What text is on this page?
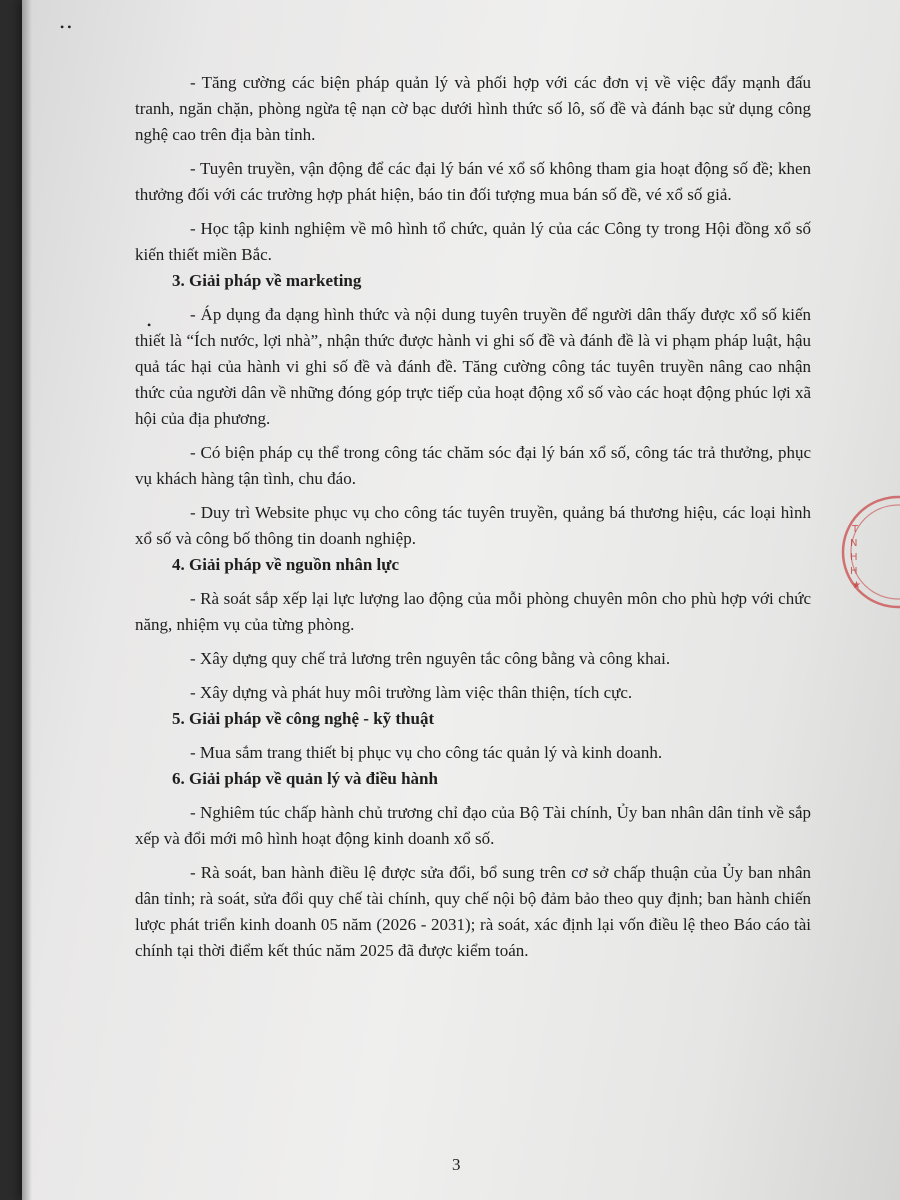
• •

- Tăng cường các biện pháp quản lý và phối hợp với các đơn vị về việc đẩy mạnh đấu tranh, ngăn chặn, phòng ngừa tệ nạn cờ bạc dưới hình thức số lô, số đề và đánh bạc sử dụng công nghệ cao trên địa bàn tỉnh.

- Tuyên truyền, vận động để các đại lý bán vé xổ số không tham gia hoạt động số đề; khen thưởng đối với các trường hợp phát hiện, báo tin đối tượng mua bán số đề, vé xổ số giả.

- Học tập kinh nghiệm về mô hình tổ chức, quản lý của các Công ty trong Hội đồng xổ số kiến thiết miền Bắc.

3. Giải pháp về marketing

- Áp dụng đa dạng hình thức và nội dung tuyên truyền để người dân thấy được xổ số kiến thiết là “Ích nước, lợi nhà”, nhận thức được hành vi ghi số đề và đánh đề là vi phạm pháp luật, hậu quả tác hại của hành vi ghi số đề và đánh đề. Tăng cường công tác tuyên truyền nâng cao nhận thức của người dân về những đóng góp trực tiếp của hoạt động xổ số vào các hoạt động phúc lợi xã hội của địa phương.

- Có biện pháp cụ thể trong công tác chăm sóc đại lý bán xổ số, công tác trả thưởng, phục vụ khách hàng tận tình, chu đáo.

- Duy trì Website phục vụ cho công tác tuyên truyền, quảng bá thương hiệu, các loại hình xổ số và công bố thông tin doanh nghiệp.

4. Giải pháp về nguồn nhân lực

- Rà soát sắp xếp lại lực lượng lao động của mỗi phòng chuyên môn cho phù hợp với chức năng, nhiệm vụ của từng phòng.

- Xây dựng quy chế trả lương trên nguyên tắc công bằng và công khai.

- Xây dựng và phát huy môi trường làm việc thân thiện, tích cực.

5. Giải pháp về công nghệ - kỹ thuật

- Mua sắm trang thiết bị phục vụ cho công tác quản lý và kinh doanh.

6. Giải pháp về quản lý và điều hành

- Nghiêm túc chấp hành chủ trương chỉ đạo của Bộ Tài chính, Ủy ban nhân dân tỉnh về sắp xếp và đổi mới mô hình hoạt động kinh doanh xổ số.

- Rà soát, ban hành điều lệ được sửa đổi, bổ sung trên cơ sở chấp thuận của Ủy ban nhân dân tỉnh; rà soát, sửa đổi quy chế tài chính, quy chế nội bộ đảm bảo theo quy định; ban hành chiến lược phát triển kinh doanh 05 năm (2026 - 2031); rà soát, xác định lại vốn điều lệ theo Báo cáo tài chính tại thời điểm kết thúc năm 2025 đã được kiểm toán.

•
3
T
N
H
H
★
